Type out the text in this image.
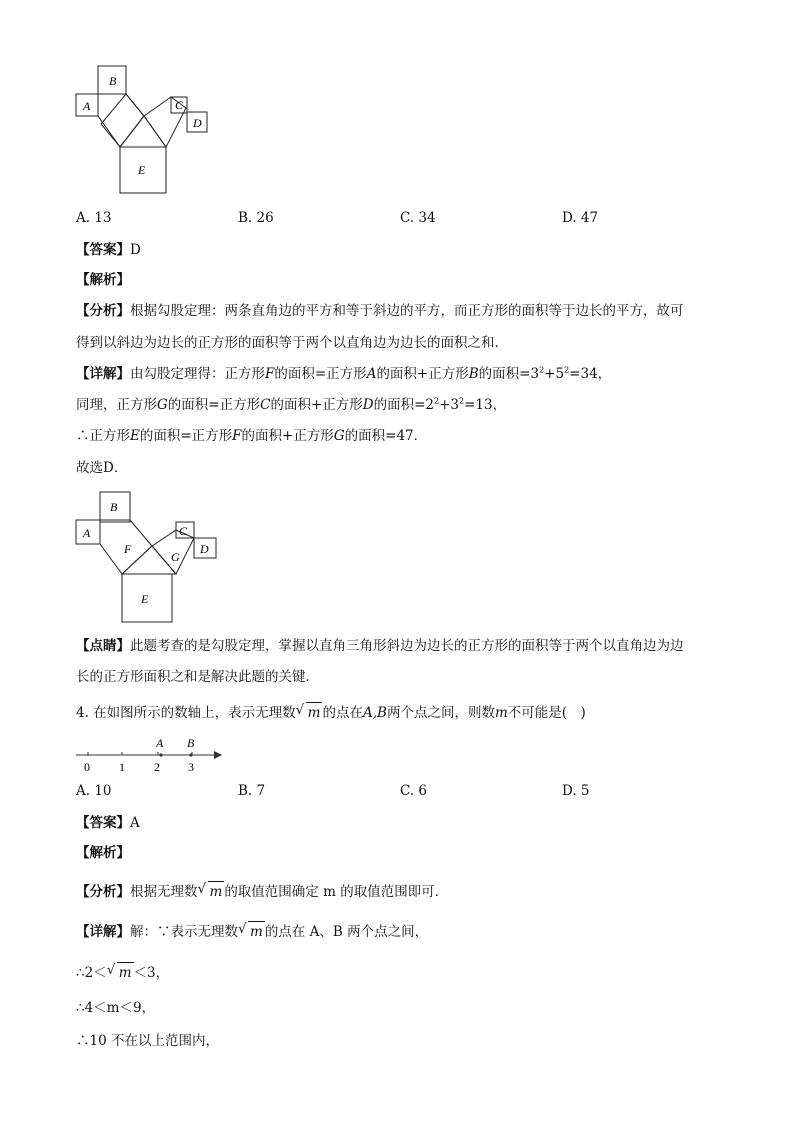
B
A	C
D
E
A. 13	B. 26	C. 34	D. 47
【答案】D
【解析】
【分析】根据勾股定理：两条直角边的平方和等于斜边的平方，而正方形的面积等于边长的平方，故可
得到以斜边为边长的正方形的面积等于两个以直角边为边长的面积之和.
【详解】由勾股定理得：正方形F的面积=正方形A的面积+正方形B的面积$=3^2+5^2=34$，
同理，正方形G的面积=正方形C的面积+正方形D的面积$=2^2+3^2=13$，
∴正方形E的面积=正方形F的面积+正方形G的面积=47．
故选D．
B
A
F
C
G
D
E
【点睛】此题考查的是勾股定理，掌握以直角三角形斜边为边长的正方形的面积等于两个以直角边为边
长的正方形面积之和是解决此题的关键．
4. 在如图所示的数轴上，表示无理数 √ m 的点在A,B两个点之间，则数m不可能是(　)
A B
0 1 2 3
A. 10	B. 7	C. 6	D. 5
【答案】A
【解析】
【分析】根据无理数 √ m 的取值范围确定 m 的取值范围即可．
【详解】解：∵表示无理数 √ m 的点在 A、B 两个点之间，
∴2＜ √ m ＜3，
∴4＜m＜9，
∴10 不在以上范围内，
